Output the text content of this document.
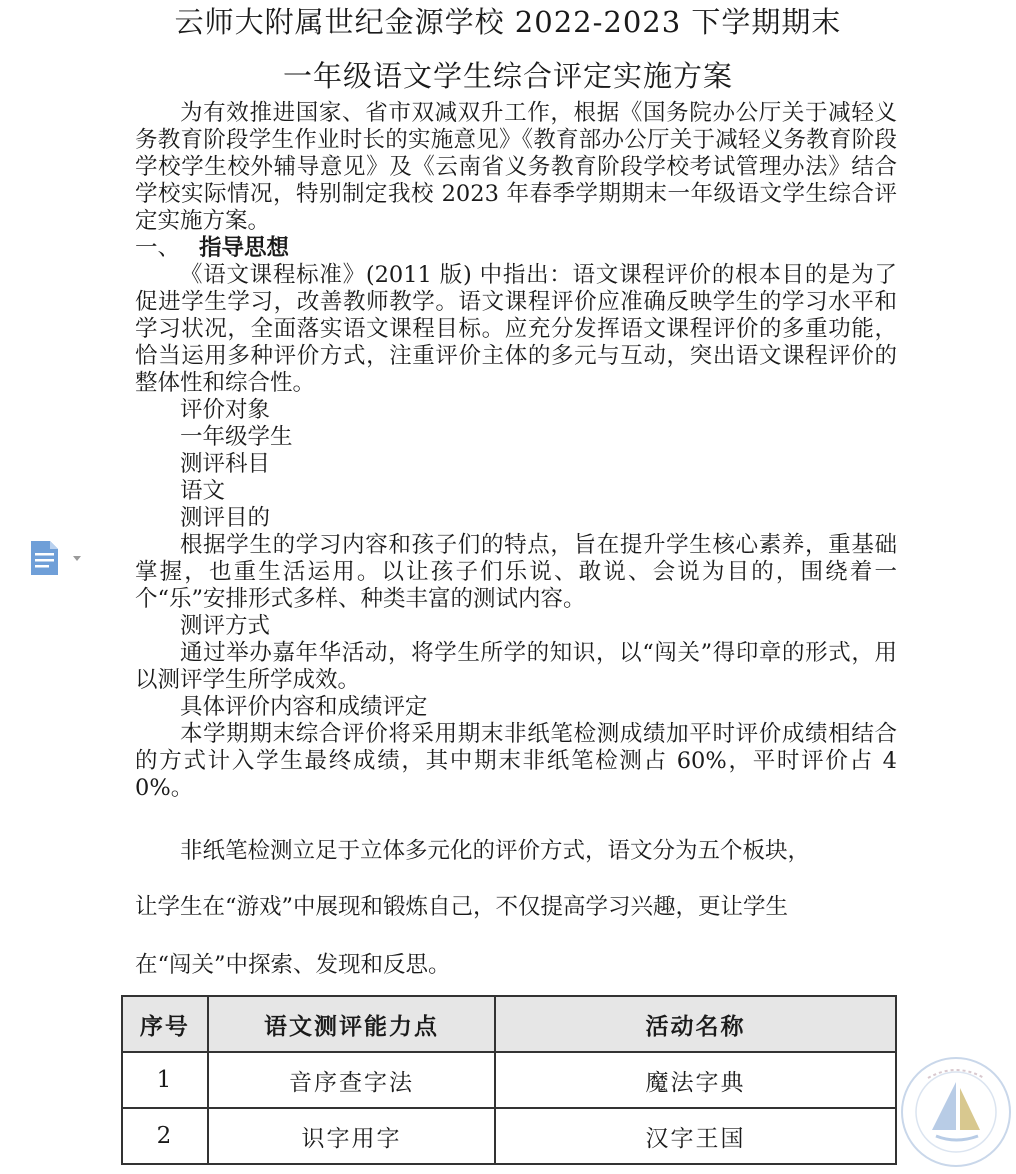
云师大附属世纪金源学校 2022-2023 下学期期末
一年级语文学生综合评定实施方案

为有效推进国家、省市双减双升工作，根据《国务院办公厅关于减轻义务教育阶段学生作业时长的实施意见》《教育部办公厅关于减轻义务教育阶段学校学生校外辅导意见》及《云南省义务教育阶段学校考试管理办法》结合学校实际情况，特别制定我校 2023 年春季学期期末一年级语文学生综合评定实施方案。

一、 指导思想

《语文课程标准》(2011 版) 中指出：语文课程评价的根本目的是为了促进学生学习，改善教师教学。语文课程评价应准确反映学生的学习水平和学习状况，全面落实语文课程目标。应充分发挥语文课程评价的多重功能，恰当运用多种评价方式，注重评价主体的多元与互动，突出语文课程评价的整体性和综合性。

评价对象

一年级学生

测评科目

语文

测评目的

根据学生的学习内容和孩子们的特点，旨在提升学生核心素养，重基础掌握，也重生活运用。以让孩子们乐说、敢说、会说为目的，围绕着一个“乐”安排形式多样、种类丰富的测试内容。

测评方式

通过举办嘉年华活动，将学生所学的知识，以“闯关”得印章的形式，用以测评学生所学成效。

具体评价内容和成绩评定

本学期期末综合评价将采用期末非纸笔检测成绩加平时评价成绩相结合的方式计入学生最终成绩，其中期末非纸笔检测占 60%，平时评价占 40%。

非纸笔检测立足于立体多元化的评价方式，语文分为五个板块，
让学生在“游戏”中展现和锻炼自己，不仅提高学习兴趣，更让学生
在“闯关”中探索、发现和反思。
序号	语文测评能力点	活动名称
1	音序查字法	魔法字典
2	识字用字	汉字王国
